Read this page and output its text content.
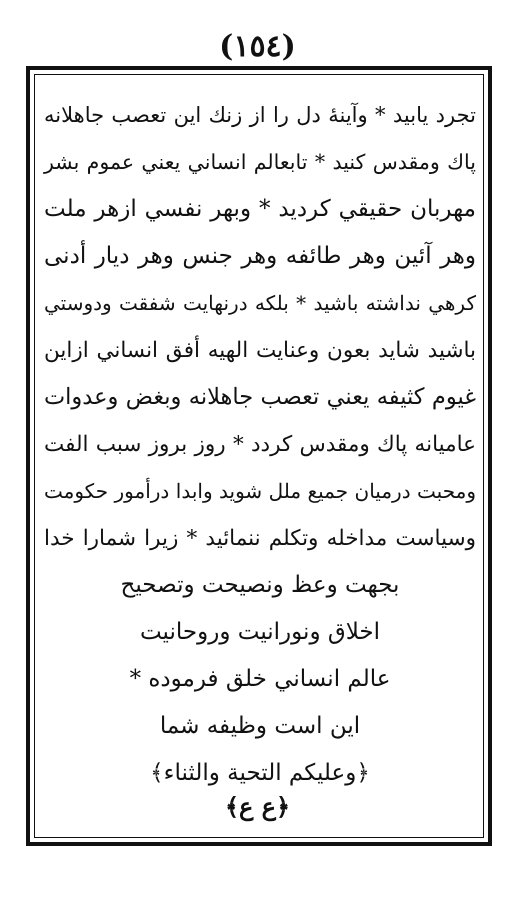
(١٥٤)
تجرد يابيد * وآينهٔ دل را از زنك اين تعصب جاهلانه
پاك ومقدس كنيد * تابعالم انساني يعني عموم بشر
مهربان حقيقي كرديد * وبهر نفسي ازهر ملت
وهر آئين وهر طائفه وهر جنس وهر ديار أدنى
كرهي نداشته باشيد * بلكه درنهايت شفقت ودوستي
باشيد شايد بعون وعنايت الهيه أفق انساني ازاين
غيوم كثيفه يعني تعصب جاهلانه وبغض وعدوات
عاميانه پاك ومقدس كردد * روز بروز سبب الفت
ومحبت درميان جميع ملل شويد وابدا درأمور حكومت
وسياست مداخله وتكلم ننمائيد * زيرا شمارا خدا
بجهت وعظ ونصيحت وتصحيح
اخلاق ونورانيت وروحانيت
عالم انساني خلق فرموده *
اين است وظيفه شما
﴿وعليكم التحية والثناء﴾
﴿ع ع﴾
